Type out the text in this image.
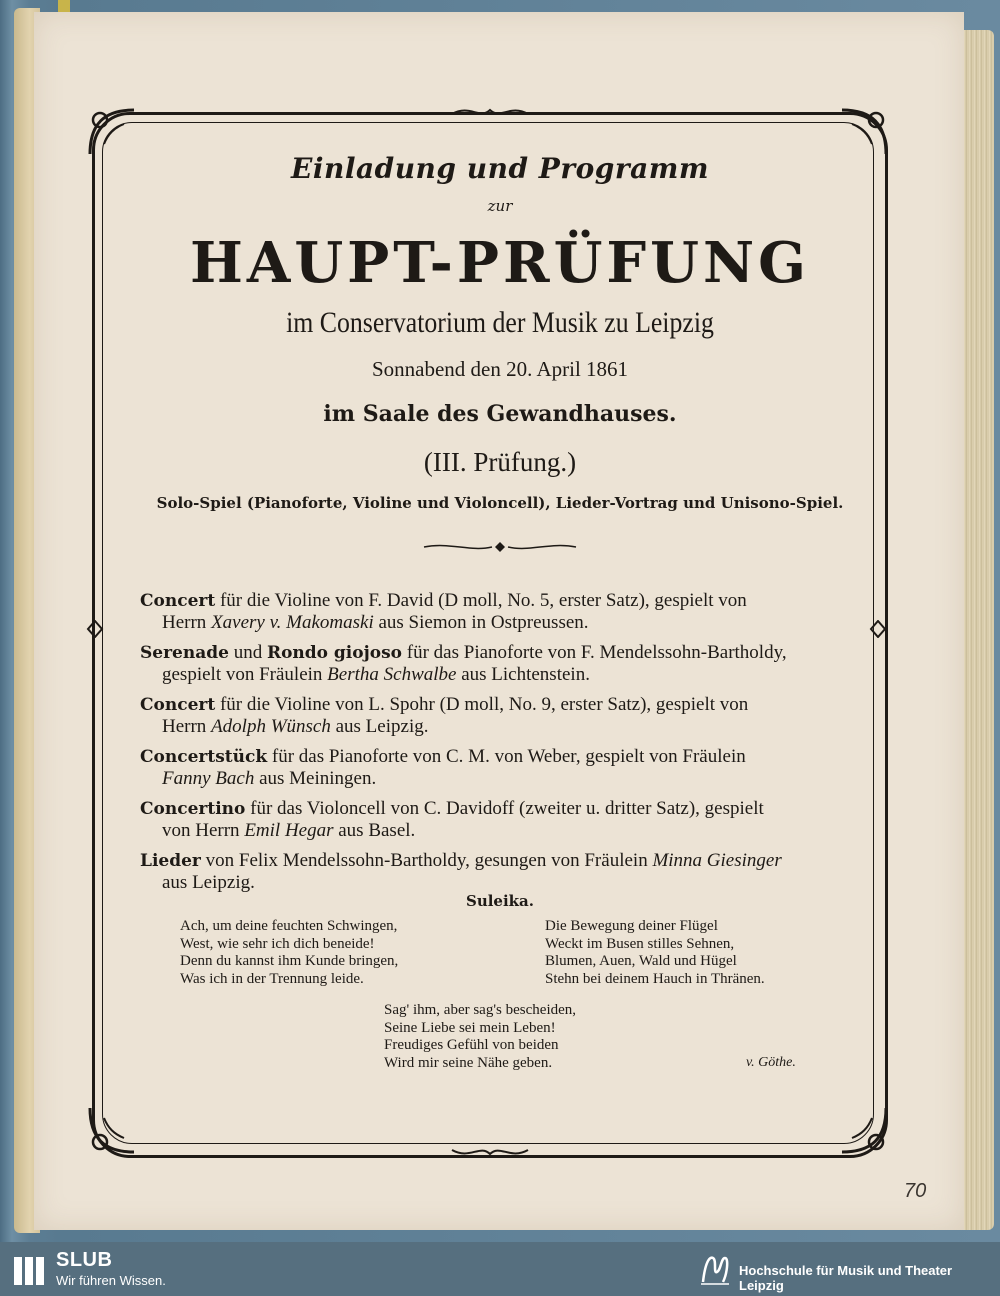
Einladung und Programm
zur
HAUPT-PRÜFUNG
im Conservatorium der Musik zu Leipzig
Sonnabend den 20. April 1861
im Saale des Gewandhauses.
(III. Prüfung.)
Solo-Spiel (Pianoforte, Violine und Violoncell), Lieder-Vortrag und Unisono-Spiel.
Concert für die Violine von F. David (D moll, No. 5, erster Satz), gespielt von
Herrn Xavery v. Makomaski aus Siemon in Ostpreussen.
Serenade und Rondo giojoso für das Pianoforte von F. Mendelssohn-Bartholdy,
gespielt von Fräulein Bertha Schwalbe aus Lichtenstein.
Concert für die Violine von L. Spohr (D moll, No. 9, erster Satz), gespielt von
Herrn Adolph Wünsch aus Leipzig.
Concertstück für das Pianoforte von C. M. von Weber, gespielt von Fräulein
Fanny Bach aus Meiningen.
Concertino für das Violoncell von C. Davidoff (zweiter u. dritter Satz), gespielt
von Herrn Emil Hegar aus Basel.
Lieder von Felix Mendelssohn-Bartholdy, gesungen von Fräulein Minna Giesinger
aus Leipzig.
Suleika.
Ach, um deine feuchten Schwingen,
West, wie sehr ich dich beneide!
Denn du kannst ihm Kunde bringen,
Was ich in der Trennung leide.
Die Bewegung deiner Flügel
Weckt im Busen stilles Sehnen,
Blumen, Auen, Wald und Hügel
Stehn bei deinem Hauch in Thränen.
Sag' ihm, aber sag's bescheiden,
Seine Liebe sei mein Leben!
Freudiges Gefühl von beiden
Wird mir seine Nähe geben.	v. Göthe.
70
SLUB
Wir führen Wissen.
Hochschule für Musik und Theater Leipzig
